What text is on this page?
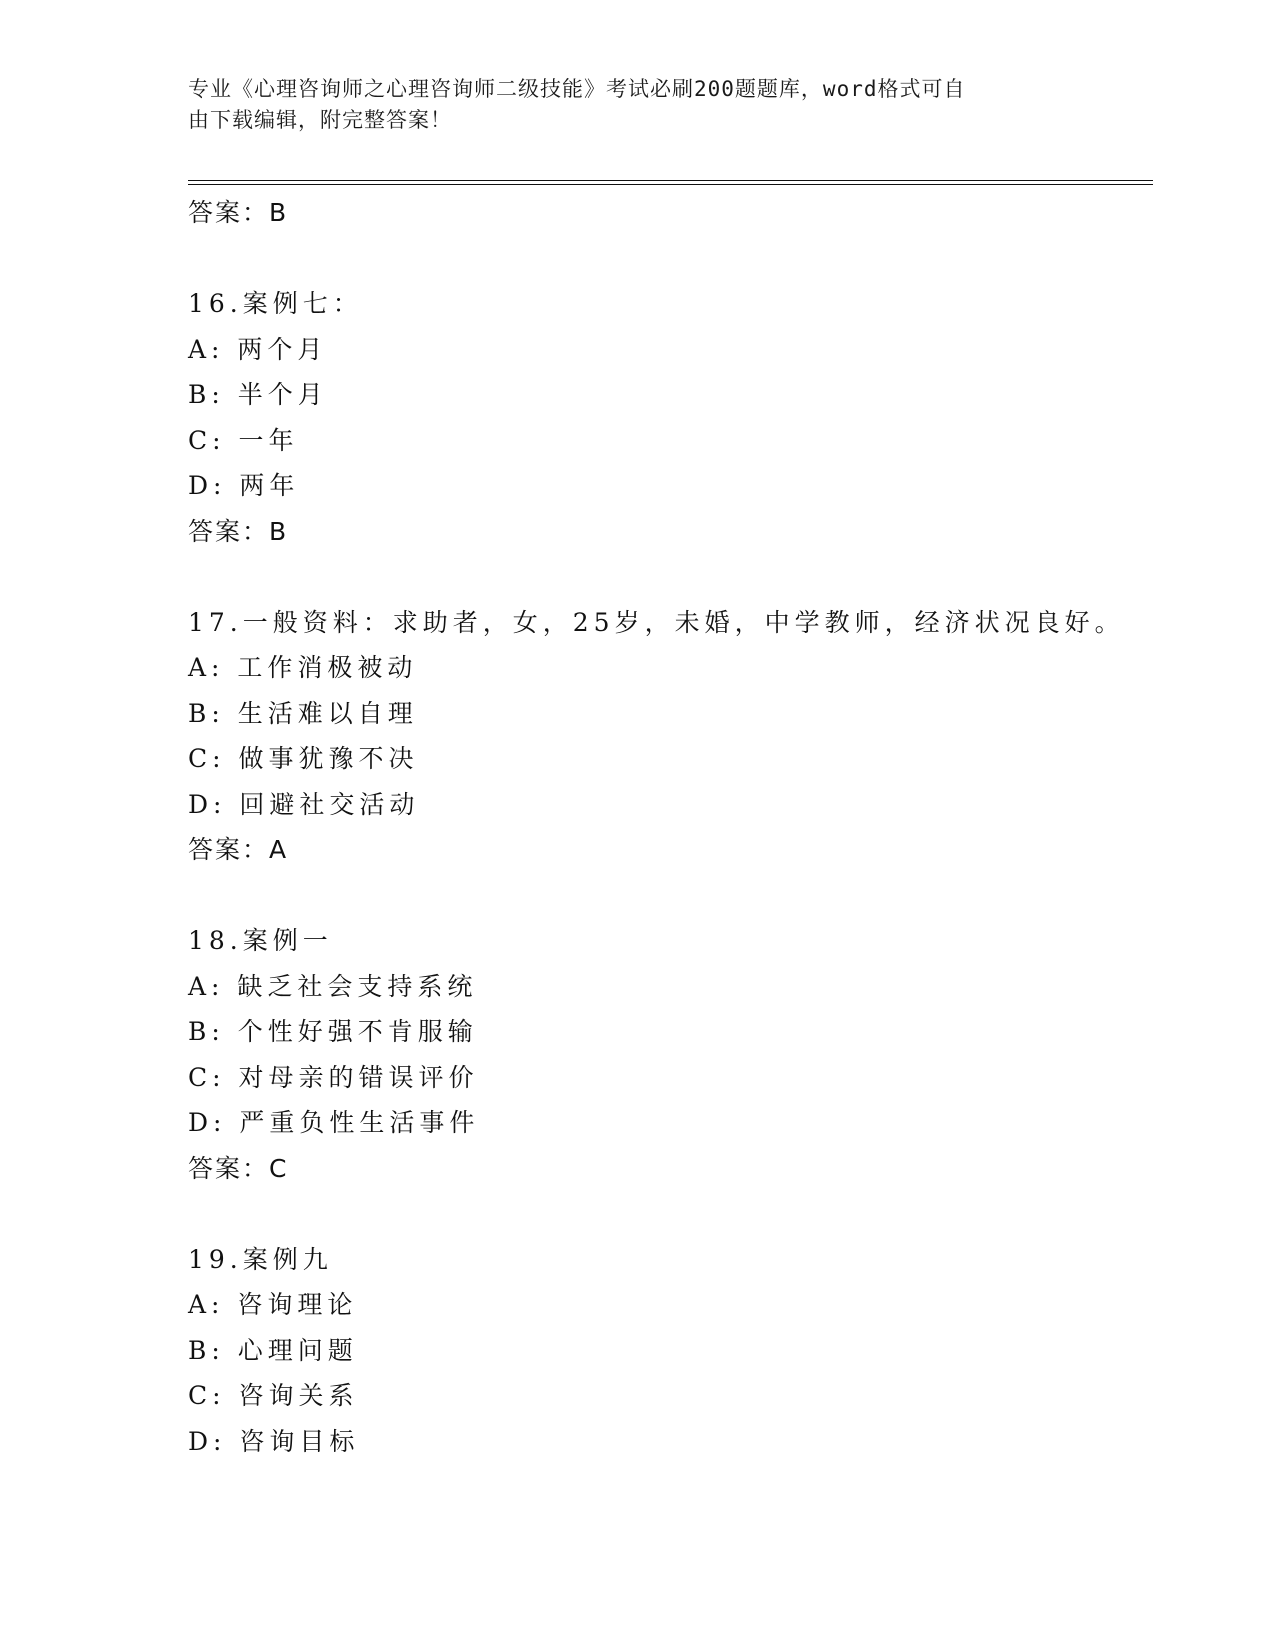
专业《心理咨询师之心理咨询师二级技能》考试必刷200题题库，word格式可自
由下载编辑，附完整答案！
答案：B
16.案例七：
A: 两个月
B: 半个月
C: 一年
D: 两年
答案：B
17.一般资料：求助者，女，25岁，未婚，中学教师，经济状况良好。
A: 工作消极被动
B: 生活难以自理
C: 做事犹豫不决
D: 回避社交活动
答案：A
18.案例一
A: 缺乏社会支持系统
B: 个性好强不肯服输
C: 对母亲的错误评价
D: 严重负性生活事件
答案：C
19.案例九
A: 咨询理论
B: 心理问题
C: 咨询关系
D: 咨询目标
